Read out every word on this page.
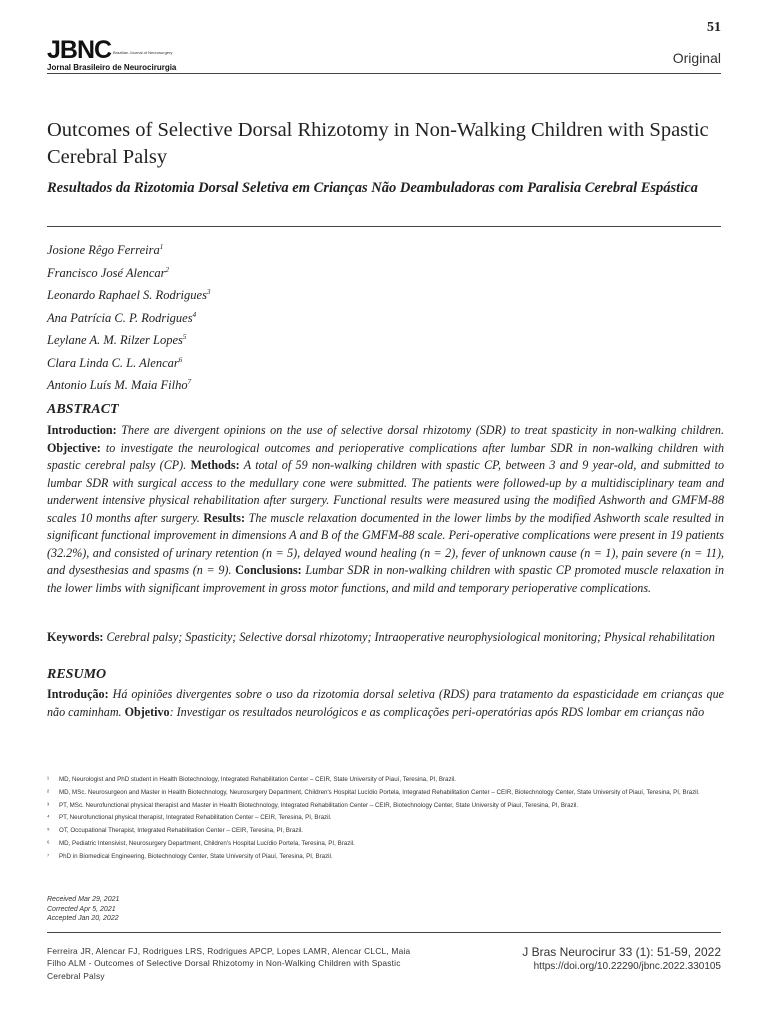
51
JBNC Brazilian Journal of Neurosurgery
Jornal Brasileiro de Neurocirurgia
Original
Outcomes of Selective Dorsal Rhizotomy in Non-Walking Children with Spastic Cerebral Palsy
Resultados da Rizotomia Dorsal Seletiva em Crianças Não Deambuladoras com Paralisia Cerebral Espástica
Josione Rêgo Ferreira$^1$
Francisco José Alencar$^2$
Leonardo Raphael S. Rodrigues$^3$
Ana Patrícia C. P. Rodrigues$^4$
Leylane A. M. Rilzer Lopes$^5$
Clara Linda C. L. Alencar$^6$
Antonio Luís M. Maia Filho$^7$
ABSTRACT
Introduction: There are divergent opinions on the use of selective dorsal rhizotomy (SDR) to treat spasticity in non-walking children. Objective: to investigate the neurological outcomes and perioperative complications after lumbar SDR in non-walking children with spastic cerebral palsy (CP). Methods: A total of 59 non-walking children with spastic CP, between 3 and 9 year-old, and submitted to lumbar SDR with surgical access to the medullary cone were submitted. The patients were followed-up by a multidisciplinary team and underwent intensive physical rehabilitation after surgery. Functional results were measured using the modified Ashworth and GMFM-88 scales 10 months after surgery. Results: The muscle relaxation documented in the lower limbs by the modified Ashworth scale resulted in significant functional improvement in dimensions A and B of the GMFM-88 scale. Peri-operative complications were present in 19 patients (32.2%), and consisted of urinary retention (n = 5), delayed wound healing (n = 2), fever of unknown cause (n = 1), pain severe (n = 11), and dysesthesias and spasms (n = 9). Conclusions: Lumbar SDR in non-walking children with spastic CP promoted muscle relaxation in the lower limbs with significant improvement in gross motor functions, and mild and temporary perioperative complications.
Keywords: Cerebral palsy; Spasticity; Selective dorsal rhizotomy; Intraoperative neurophysiological monitoring; Physical rehabilitation
RESUMO
Introdução: Há opiniões divergentes sobre o uso da rizotomia dorsal seletiva (RDS) para tratamento da espasticidade em crianças que não caminham. Objetivo: Investigar os resultados neurológicos e as complicações peri-operatórias após RDS lombar em crianças não
¹	MD, Neurologist and PhD student in Health Biotechnology, Integrated Rehabilitation Center – CEIR, State University of Piauí, Teresina, PI, Brazil.
²	MD, MSc. Neurosurgeon and Master in Health Biotechnology, Neurosurgery Department, Children's Hospital Lucídio Portela, Integrated Rehabilitation Center – CEIR, Biotechnology Center, State University of Piauí, Teresina, PI, Brazil.
³	PT, MSc. Neurofunctional physical therapist and Master in Health Biotechnology, Integrated Rehabilitation Center – CEIR, Biotechnology Center, State University of Piauí, Teresina, PI, Brazil.
⁴	PT, Neurofunctional physical therapist, Integrated Rehabilitation Center – CEIR, Teresina, PI, Brazil.
⁵	OT, Occupational Therapist, Integrated Rehabilitation Center – CEIR, Teresina, PI, Brazil.
⁶	MD, Pediatric Intensivist, Neurosurgery Department, Children's Hospital Lucídio Portela, Teresina, PI, Brazil.
⁷	PhD in Biomedical Engineering, Biotechnology Center, State University of Piauí, Teresina, PI, Brazil.
Received Mar 29, 2021
Corrected Apr 5, 2021
Accepted Jan 20, 2022
Ferreira JR, Alencar FJ, Rodrigues LRS, Rodrigues APCP, Lopes LAMR, Alencar CLCL, Maia Filho ALM - Outcomes of Selective Dorsal Rhizotomy in Non-Walking Children with Spastic Cerebral Palsy
J Bras Neurocirur 33 (1): 51-59, 2022
https://doi.org/10.22290/jbnc.2022.330105
